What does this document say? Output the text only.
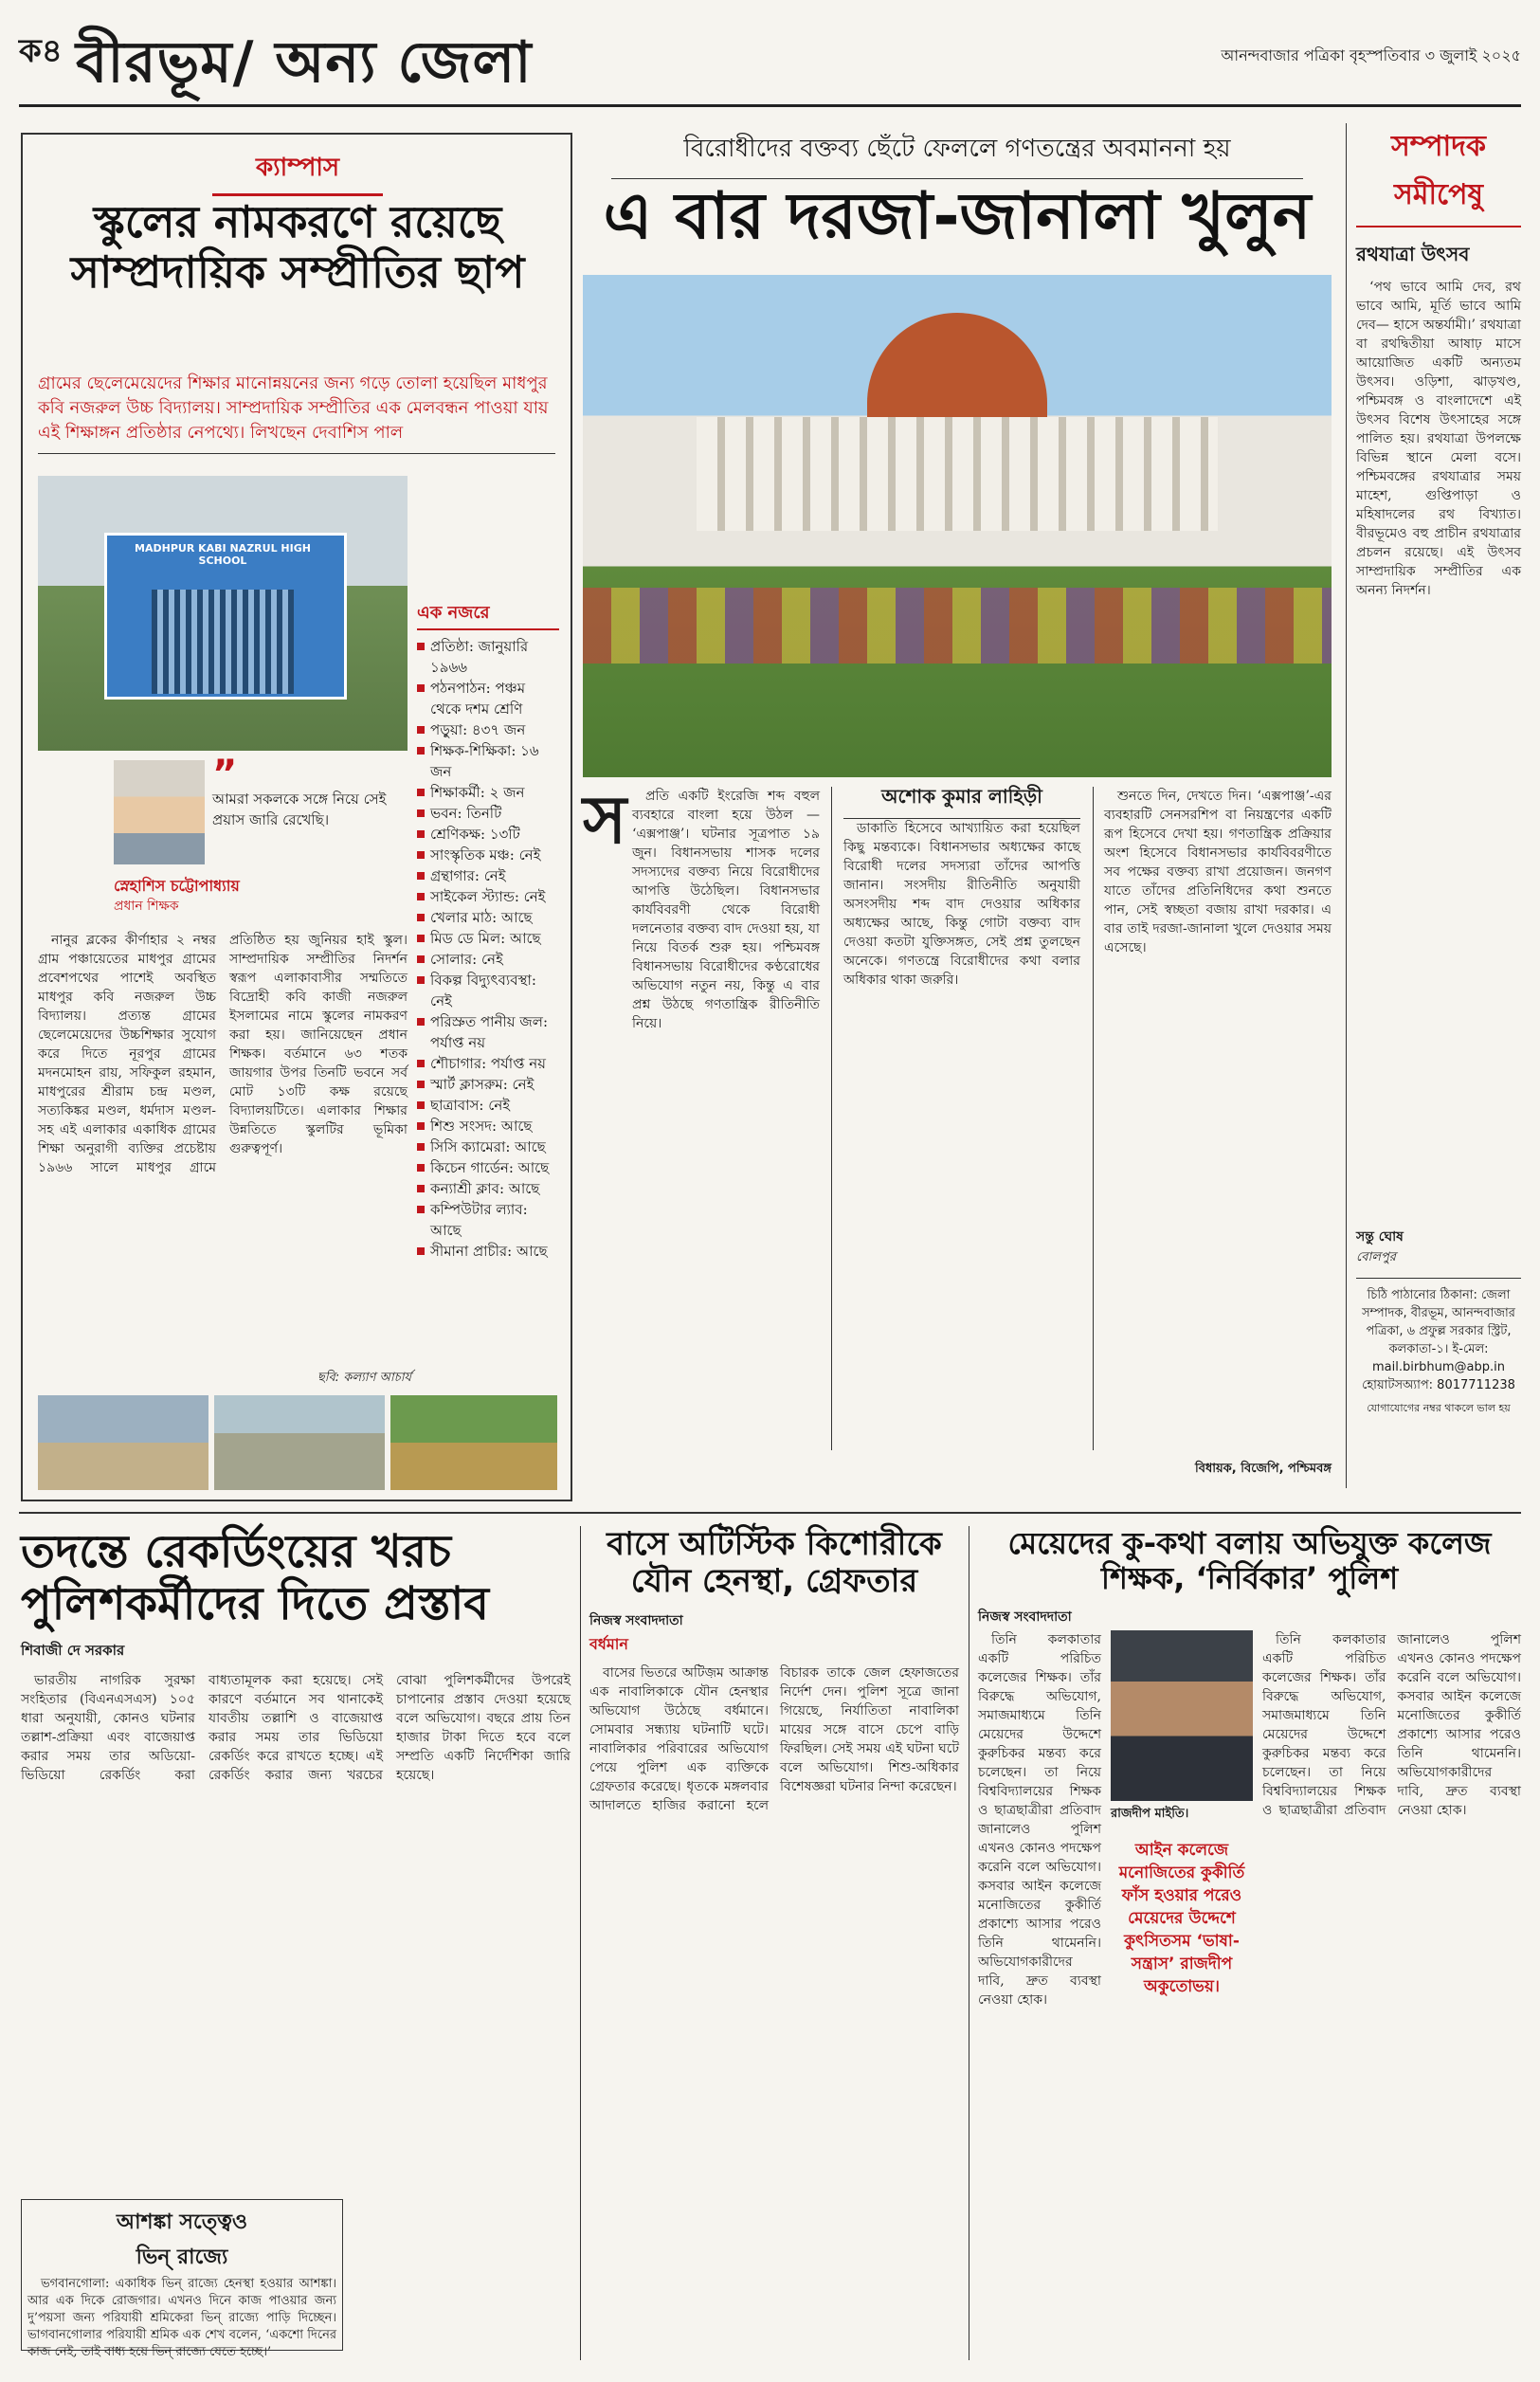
ক৪ বীরভূম/ অন্য জেলা	আনন্দবাজার পত্রিকা বৃহস্পতিবার ৩ জুলাই ২০২৫
ক্যাম্পাস
স্কুলের নামকরণে রয়েছে সাম্প্রদায়িক সম্প্রীতির ছাপ
গ্রামের ছেলেমেয়েদের শিক্ষার মানোন্নয়নের জন্য গড়ে তোলা হয়েছিল মাধপুর কবি নজরুল উচ্চ বিদ্যালয়। সাম্প্রদায়িক সম্প্রীতির এক মেলবন্ধন পাওয়া যায় এই শিক্ষাঙ্গন প্রতিষ্ঠার নেপথ্যে। লিখছেন দেবাশিস পাল
MADHPUR KABI NAZRUL HIGH SCHOOL
এক নজরে
প্রতিষ্ঠা: জানুয়ারি ১৯৬৬
পঠনপাঠন: পঞ্চম থেকে দশম শ্রেণি
পড়ুয়া: ৪৩৭ জন
শিক্ষক-শিক্ষিকা: ১৬ জন
শিক্ষাকর্মী: ২ জন
ভবন: তিনটি
শ্রেণিকক্ষ: ১৩টি
সাংস্কৃতিক মঞ্চ: নেই
গ্রন্থাগার: নেই
সাইকেল স্ট্যান্ড: নেই
খেলার মাঠ: আছে
মিড ডে মিল: আছে
সোলার: নেই
বিকল্প বিদ্যুৎব্যবস্থা: নেই
পরিস্রুত পানীয় জল: পর্যাপ্ত নয়
শৌচাগার: পর্যাপ্ত নয়
স্মার্ট ক্লাসরুম: নেই
ছাত্রাবাস: নেই
শিশু সংসদ: আছে
সিসি ক্যামেরা: আছে
কিচেন গার্ডেন: আছে
কন্যাশ্রী ক্লাব: আছে
কম্পিউটার ল্যাব: আছে
সীমানা প্রাচীর: আছে
”
আমরা সকলকে সঙ্গে নিয়ে সেই প্রয়াস জারি রেখেছি।
স্নেহাশিস চট্টোপাধ্যায়
প্রধান শিক্ষক

নানুর ব্লকের কীর্ণাহার ২ নম্বর গ্রাম পঞ্চায়েতের মাধপুর গ্রামের প্রবেশপথের পাশেই অবস্থিত মাধপুর কবি নজরুল উচ্চ বিদ্যালয়। প্রত্যন্ত গ্রামের ছেলেমেয়েদের উচ্চশিক্ষার সুযোগ করে দিতে নূরপুর গ্রামের মদনমোহন রায়, সফিকুল রহমান, মাধপুরের শ্রীরাম চন্দ্র মণ্ডল, সত্যকিঙ্কর মণ্ডল, ধর্মদাস মণ্ডল-সহ এই এলাকার একাধিক গ্রামের শিক্ষা অনুরাগী ব্যক্তির প্রচেষ্টায় ১৯৬৬ সালে মাধপুর গ্রামে প্রতিষ্ঠিত হয় জুনিয়র হাই স্কুল। সাম্প্রদায়িক সম্প্রীতির নিদর্শন স্বরূপ এলাকাবাসীর সম্মতিতে বিদ্রোহী কবি কাজী নজরুল ইসলামের নামে স্কুলের নামকরণ করা হয়। জানিয়েছেন প্রধান শিক্ষক। বর্তমানে ৬৩ শতক জায়গার উপর তিনটি ভবনে সর্ব মোট ১৩টি কক্ষ রয়েছে বিদ্যালয়টিতে। এলাকার শিক্ষার উন্নতিতে স্কুলটির ভূমিকা গুরুত্বপূর্ণ।

ছবি: কল্যাণ আচার্য
বিরোধীদের বক্তব্য ছেঁটে ফেললে গণতন্ত্রের অবমাননা হয়
এ বার দরজা-জানালা খুলুন
স	প্রতি একটি ইংরেজি শব্দ বহুল ব্যবহারে বাংলা হয়ে উঠল — ‘এক্সপাঞ্জ’। ঘটনার সূত্রপাত ১৯ জুন। বিধানসভায় শাসক দলের সদস্যদের বক্তব্য নিয়ে বিরোধীদের আপত্তি উঠেছিল। বিধানসভার কার্যবিবরণী থেকে বিরোধী দলনেতার বক্তব্য বাদ দেওয়া হয়, যা নিয়ে বিতর্ক শুরু হয়। পশ্চিমবঙ্গ বিধানসভায় বিরোধীদের কণ্ঠরোধের অভিযোগ নতুন নয়, কিন্তু এ বার প্রশ্ন উঠছে গণতান্ত্রিক রীতিনীতি নিয়ে।

অশোক কুমার লাহিড়ী

ডাকাতি হিসেবে আখ্যায়িত করা হয়েছিল কিছু মন্তব্যকে। বিধানসভার অধ্যক্ষের কাছে বিরোধী দলের সদস্যরা তাঁদের আপত্তি জানান। সংসদীয় রীতিনীতি অনুযায়ী অসংসদীয় শব্দ বাদ দেওয়ার অধিকার অধ্যক্ষের আছে, কিন্তু গোটা বক্তব্য বাদ দেওয়া কতটা যুক্তিসঙ্গত, সেই প্রশ্ন তুলছেন অনেকে। গণতন্ত্রে বিরোধীদের কথা বলার অধিকার থাকা জরুরি।

শুনতে দিন, দেখতে দিন। ‘এক্সপাঞ্জ’-এর ব্যবহারটি সেনসরশিপ বা নিয়ন্ত্রণের একটি রূপ হিসেবে দেখা হয়। গণতান্ত্রিক প্রক্রিয়ার অংশ হিসেবে বিধানসভার কার্যবিবরণীতে সব পক্ষের বক্তব্য রাখা প্রয়োজন। জনগণ যাতে তাঁদের প্রতিনিধিদের কথা শুনতে পান, সেই স্বচ্ছতা বজায় রাখা দরকার। এ বার তাই দরজা-জানালা খুলে দেওয়ার সময় এসেছে।

বিধায়ক, বিজেপি, পশ্চিমবঙ্গ
সম্পাদক
সমীপেষু
রথযাত্রা উৎসব

‘পথ ভাবে আমি দেব, রথ ভাবে আমি, মূর্তি ভাবে আমি দেব— হাসে অন্তর্যামী।’ রথযাত্রা বা রথদ্বিতীয়া আষাঢ় মাসে আয়োজিত একটি অন্যতম উৎসব। ওড়িশা, ঝাড়খণ্ড, পশ্চিমবঙ্গ ও বাংলাদেশে এই উৎসব বিশেষ উৎসাহের সঙ্গে পালিত হয়। রথযাত্রা উপলক্ষে বিভিন্ন স্থানে মেলা বসে। পশ্চিমবঙ্গের রথযাত্রার সময় মাহেশ, গুপ্তিপাড়া ও মহিষাদলের রথ বিখ্যাত। বীরভূমেও বহু প্রাচীন রথযাত্রার প্রচলন রয়েছে। এই উৎসব সাম্প্রদায়িক সম্প্রীতির এক অনন্য নিদর্শন।

সন্তু ঘোষ
বোলপুর
চিঠি পাঠানোর ঠিকানা: জেলা সম্পাদক, বীরভূম, আনন্দবাজার পত্রিকা, ৬ প্রফুল্ল সরকার স্ট্রিট, কলকাতা-১। ই-মেল: mail.birbhum@abp.in হোয়াটসঅ্যাপ: 8017711238
যোগাযোগের নম্বর থাকলে ভাল হয়
তদন্তে রেকর্ডিংয়ের খরচ পুলিশকর্মীদের দিতে প্রস্তাব
শিবাজী দে সরকার

ভারতীয় নাগরিক সুরক্ষা সংহিতার (বিএনএসএস) ১০৫ ধারা অনুযায়ী, কোনও ঘটনার তল্লাশ-প্রক্রিয়া এবং বাজেয়াপ্ত করার সময় তার অডিয়ো-ভিডিয়ো রেকর্ডিং করা বাধ্যতামূলক করা হয়েছে। সেই কারণে বর্তমানে সব থানাকেই যাবতীয় তল্লাশি ও বাজেয়াপ্ত করার সময় তার ভিডিয়ো রেকর্ডিং করে রাখতে হচ্ছে। এই রেকর্ডিং করার জন্য খরচের বোঝা পুলিশকর্মীদের উপরেই চাপানোর প্রস্তাব দেওয়া হয়েছে বলে অভিযোগ। বছরে প্রায় তিন হাজার টাকা দিতে হবে বলে সম্প্রতি একটি নির্দেশিকা জারি হয়েছে।

আশঙ্কা সত্ত্বেও
ভিন্ রাজ্যে

ভগবানগোলা: একাধিক ভিন্ রাজ্যে হেনস্থা হওয়ার আশঙ্কা। আর এক দিকে রোজগার। এখনও দিনে কাজ পাওয়ার জন্য দু’পয়সা জন্য পরিযায়ী শ্রমিকেরা ভিন্ রাজ্যে পাড়ি দিচ্ছেন। ভাগবানগোলার পরিযায়ী শ্রমিক এক শেখ বলেন, ‘একশো দিনের কাজ নেই, তাই বাধ্য হয়ে ভিন্ রাজ্যে যেতে হচ্ছে।’

বাসে অটিস্টিক কিশোরীকে যৌন হেনস্থা, গ্রেফতার
নিজস্ব সংবাদদাতা
বর্ধমান

বাসের ভিতরে অটিজ়ম আক্রান্ত এক নাবালিকাকে যৌন হেনস্থার অভিযোগ উঠেছে বর্ধমানে। সোমবার সন্ধ্যায় ঘটনাটি ঘটে। নাবালিকার পরিবারের অভিযোগ পেয়ে পুলিশ এক ব্যক্তিকে গ্রেফতার করেছে। ধৃতকে মঙ্গলবার আদালতে হাজির করানো হলে বিচারক তাকে জেল হেফাজতের নির্দেশ দেন। পুলিশ সূত্রে জানা গিয়েছে, নির্যাতিতা নাবালিকা মায়ের সঙ্গে বাসে চেপে বাড়ি ফিরছিল। সেই সময় এই ঘটনা ঘটে বলে অভিযোগ। শিশু-অধিকার বিশেষজ্ঞরা ঘটনার নিন্দা করেছেন।

মেয়েদের কু-কথা বলায় অভিযুক্ত কলেজ শিক্ষক, ‘নির্বিকার’ পুলিশ
নিজস্ব সংবাদদাতা
রাজদীপ মাইতি।
আইন কলেজে মনোজিতের কুকীর্তি ফাঁস হওয়ার পরেও মেয়েদের উদ্দেশে কুৎসিতসম ‘ভাষা-সন্ত্রাস’ রাজদীপ অকুতোভয়।

তিনি কলকাতার একটি পরিচিত কলেজের শিক্ষক। তাঁর বিরুদ্ধে অভিযোগ, সমাজমাধ্যমে তিনি মেয়েদের উদ্দেশে কুরুচিকর মন্তব্য করে চলেছেন। তা নিয়ে বিশ্ববিদ্যালয়ের শিক্ষক ও ছাত্রছাত্রীরা প্রতিবাদ জানালেও পুলিশ এখনও কোনও পদক্ষেপ করেনি বলে অভিযোগ। কসবার আইন কলেজে মনোজিতের কুকীর্তি প্রকাশ্যে আসার পরেও তিনি থামেননি। অভিযোগকারীদের দাবি, দ্রুত ব্যবস্থা নেওয়া হোক।

তিনি কলকাতার একটি পরিচিত কলেজের শিক্ষক। তাঁর বিরুদ্ধে অভিযোগ, সমাজমাধ্যমে তিনি মেয়েদের উদ্দেশে কুরুচিকর মন্তব্য করে চলেছেন। তা নিয়ে বিশ্ববিদ্যালয়ের শিক্ষক ও ছাত্রছাত্রীরা প্রতিবাদ জানালেও পুলিশ এখনও কোনও পদক্ষেপ করেনি বলে অভিযোগ। কসবার আইন কলেজে মনোজিতের কুকীর্তি প্রকাশ্যে আসার পরেও তিনি থামেননি। অভিযোগকারীদের দাবি, দ্রুত ব্যবস্থা নেওয়া হোক।
